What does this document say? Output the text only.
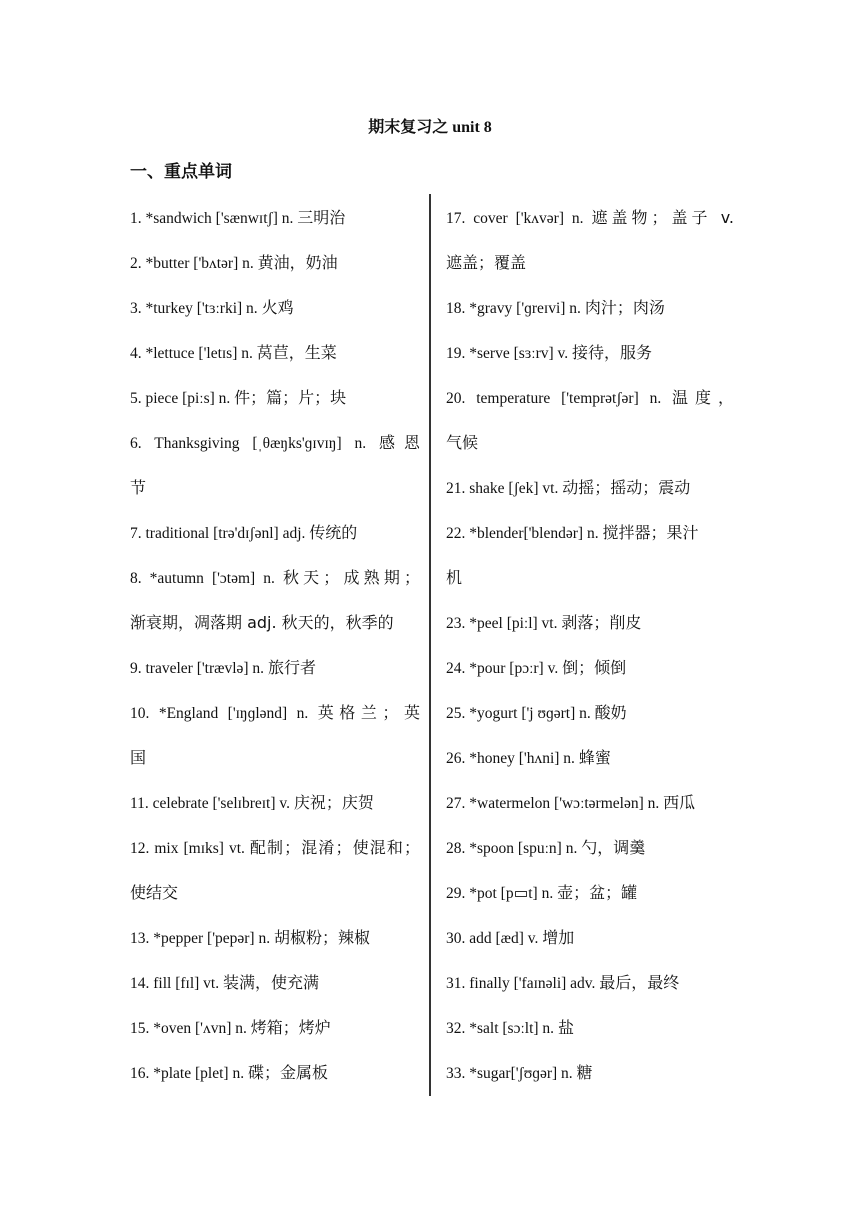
期末复习之 unit 8
一、重点单词
1. *sandwich ['sænwɪtʃ] n. 三明治
2. *butter ['bʌtər] n. 黄油，奶油
3. *turkey ['tɜːrki] n. 火鸡
4. *lettuce ['letɪs] n. 莴苣，生菜
5. piece [piːs] n. 件；篇；片；块
6. Thanksgiving [ˌθæŋks'ɡɪvɪŋ] n. 感恩
节
7. traditional [trə'dɪʃənl] adj. 传统的
8. *autumn ['ɔtəm] n. 秋天；成熟期；
渐衰期，凋落期 adj. 秋天的，秋季的
9. traveler ['trævlə] n. 旅行者
10. *England ['ɪŋɡlənd] n. 英格兰；英
国
11. celebrate ['selɪbreɪt] v. 庆祝；庆贺
12. mix [mɪks] vt. 配制；混淆；使混和；
使结交
13. *pepper ['pepər] n. 胡椒粉；辣椒
14. fill [fɪl] vt. 装满，使充满
15. *oven ['ʌvn] n. 烤箱；烤炉
16. *plate [plet] n. 碟；金属板
17. cover ['kʌvər] n. 遮盖物；盖子 v.
遮盖；覆盖
18. *gravy ['ɡreɪvi] n. 肉汁；肉汤
19. *serve [sɜːrv] v. 接待，服务
20. temperature ['temprətʃər] n. 温度，
气候
21. shake [ʃek] vt. 动摇；摇动；震动
22. *blender['blendər] n. 搅拌器；果汁
机
23. *peel [piːl] vt. 剥落；削皮
24. *pour [pɔːr] v. 倒；倾倒
25. *yogurt ['j ʊɡərt] n. 酸奶
26. *honey ['hʌni] n. 蜂蜜
27. *watermelon ['wɔːtərmelən] n. 西瓜
28. *spoon [spuːn] n. 勺，调羹
29. *pot [p▭t] n. 壶；盆；罐
30. add [æd] v. 增加
31. finally ['faɪnəli] adv. 最后，最终
32. *salt [sɔːlt] n. 盐
33. *sugar['ʃʊɡər] n. 糖
